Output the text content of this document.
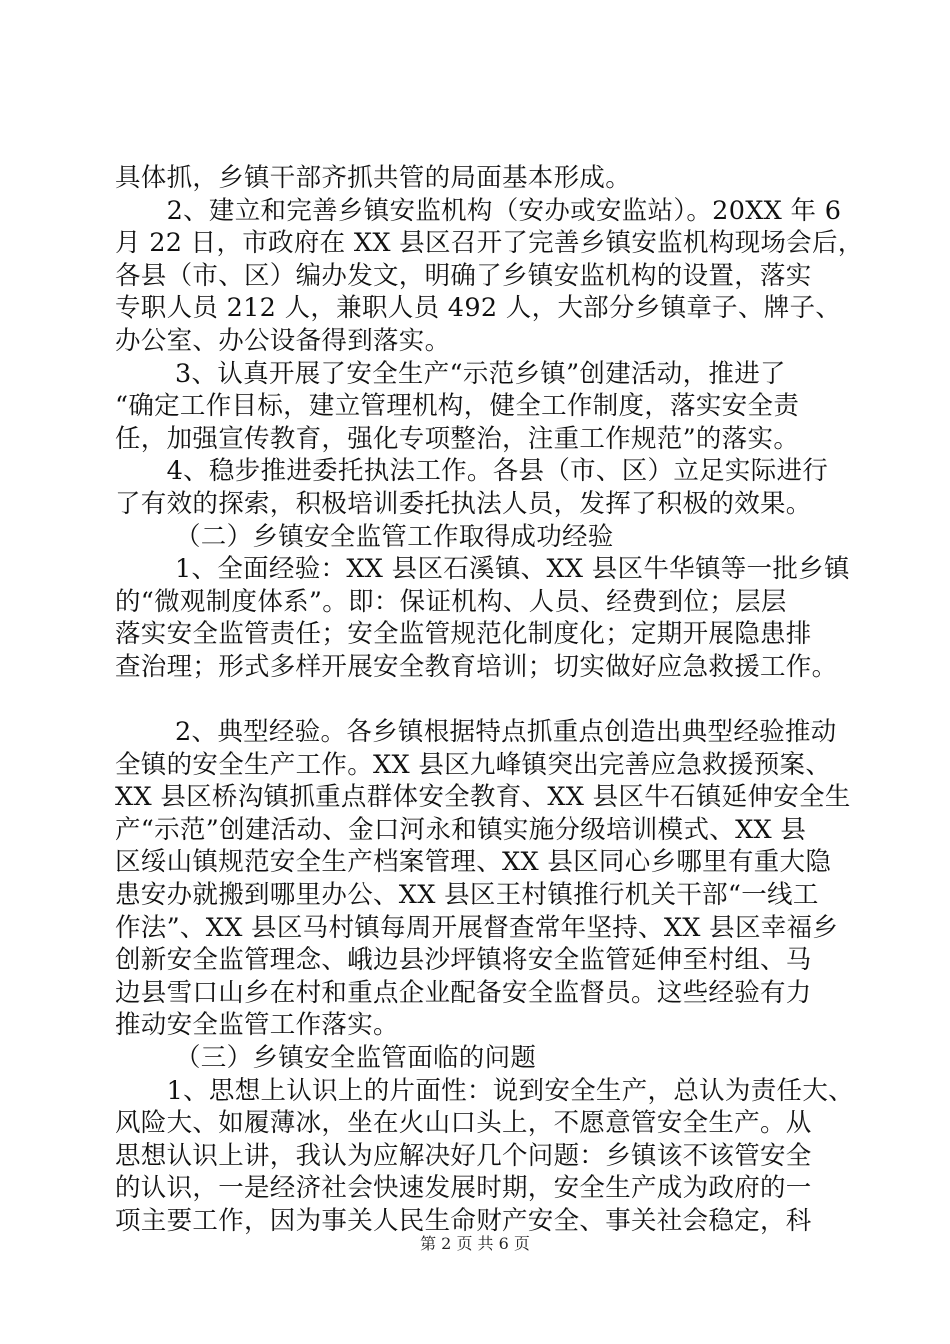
具体抓，乡镇干部齐抓共管的局面基本形成。
　　2、建立和完善乡镇安监机构（安办或安监站）。20XX 年 6
月 22 日，市政府在 XX 县区召开了完善乡镇安监机构现场会后，
各县（市、区）编办发文，明确了乡镇安监机构的设置，落实
专职人员 212 人，兼职人员 492 人，大部分乡镇章子、牌子、
办公室、办公设备得到落实。
　　 3、认真开展了安全生产“示范乡镇”创建活动，推进了
“确定工作目标，建立管理机构，健全工作制度，落实安全责
任，加强宣传教育，强化专项整治，注重工作规范”的落实。
　　4、稳步推进委托执法工作。各县（市、区）立足实际进行
了有效的探索，积极培训委托执法人员，发挥了积极的效果。
　　 （二）乡镇安全监管工作取得成功经验
　　 1、全面经验：XX 县区石溪镇、XX 县区牛华镇等一批乡镇
的“微观制度体系”。即：保证机构、人员、经费到位；层层
落实安全监管责任；安全监管规范化制度化；定期开展隐患排
查治理；形式多样开展安全教育培训；切实做好应急救援工作。
　　 2、典型经验。各乡镇根据特点抓重点创造出典型经验推动
全镇的安全生产工作。XX 县区九峰镇突出完善应急救援预案、
XX 县区桥沟镇抓重点群体安全教育、XX 县区牛石镇延伸安全生
产“示范”创建活动、金口河永和镇实施分级培训模式、XX 县
区绥山镇规范安全生产档案管理、XX 县区同心乡哪里有重大隐
患安办就搬到哪里办公、XX 县区王村镇推行机关干部“一线工
作法”、XX 县区马村镇每周开展督查常年坚持、XX 县区幸福乡
创新安全监管理念、峨边县沙坪镇将安全监管延伸至村组、马
边县雪口山乡在村和重点企业配备安全监督员。这些经验有力
推动安全监管工作落实。
　　 （三）乡镇安全监管面临的问题
　　1、思想上认识上的片面性：说到安全生产，总认为责任大、
风险大、如履薄冰，坐在火山口头上，不愿意管安全生产。从
思想认识上讲，我认为应解决好几个问题：乡镇该不该管安全
的认识，一是经济社会快速发展时期，安全生产成为政府的一
项主要工作，因为事关人民生命财产安全、事关社会稳定，科
第 2 页 共 6 页
